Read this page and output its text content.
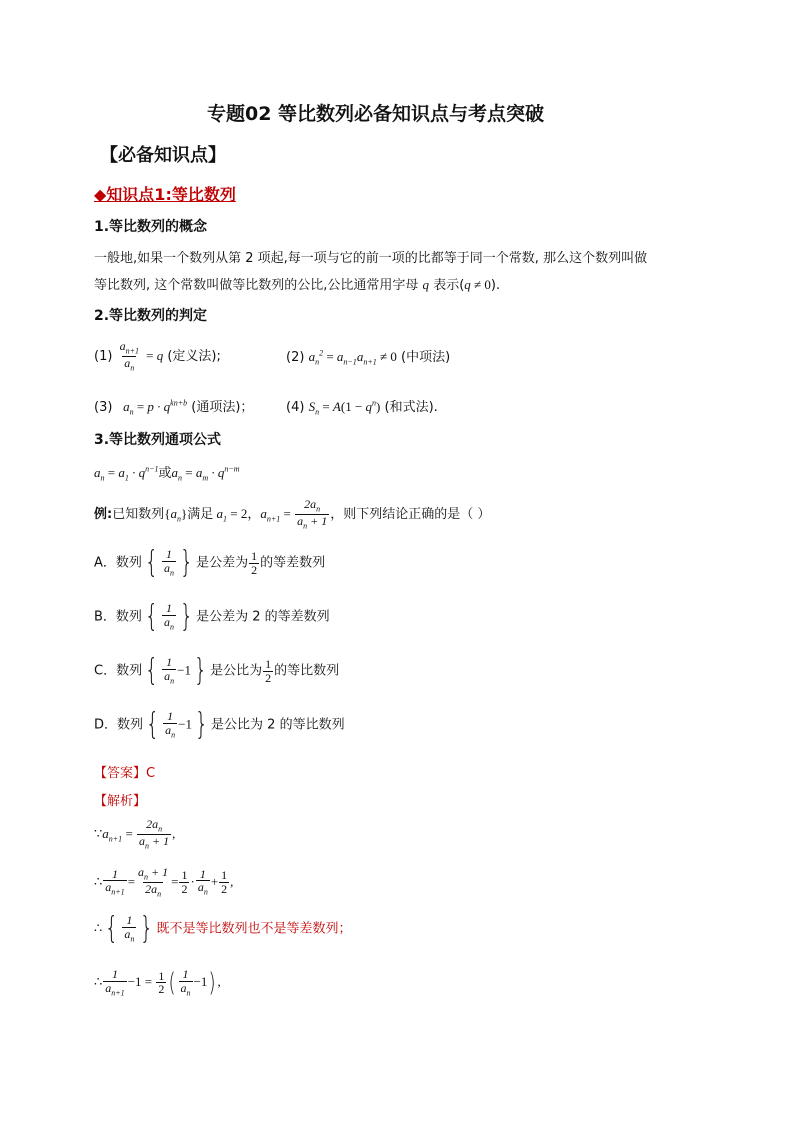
专题02 等比数列必备知识点与考点突破
【必备知识点】
◆知识点1:等比数列
1.等比数列的概念
一般地,如果一个数列从第 2 项起,每一项与它的前一项的比都等于同一个常数, 那么这个数列叫做
等比数列, 这个常数叫做等比数列的公比,公比通常用字母 q 表示(q ≠ 0).
2.等比数列的判定
$(1) \frac{a_{n+1}}{a_n} = q$ (定义法);	(2) $a_n^2 = a_{n-1}a_{n+1} \ne 0$ (中项法)
(3)   $a_n = p \cdot q^{kn+b}$ (通项法)；	(4) $S_n = A(1 - q^n)$ (和式法).
3.等比数列通项公式
$a_n = a_1 \cdot q^{n-1}$或$a_n = a_m \cdot q^{n-m}$
例:已知数列$\{a_n\}$满足 $a_1 = 2$，$a_{n+1} = \frac{2a_n}{a_n + 1}$ ，则下列结论正确的是（ ）
A．数列{ $\frac{1}{a_n}$ } 是公差为 $\frac{1}{2}$ 的等差数列
B．数列{ $\frac{1}{a_n}$ } 是公差为 2 的等差数列
C．数列{ $\frac{1}{a_n} -1$} 是公比为 $\frac{1}{2}$ 的等比数列
D．数列{ $\frac{1}{a_n} -1$} 是公比为 2 的等比数列
【答案】C
【解析】
$\because a_{n+1} = \frac{2a_n}{a_n + 1}$ ,
∴ $\frac{1}{a_{n+1}} = \frac{a_n + 1}{2a_n} = \frac{1}{2} \cdot \frac{1}{a_n} + \frac{1}{2}$ ,
∴{ $\frac{1}{a_n}$ } 既不是等比数列也不是等差数列；
∴ $\frac{1}{a_{n+1}} -1 = \frac{1}{2}$ ( $\frac{1}{a_n} -1$) ,
